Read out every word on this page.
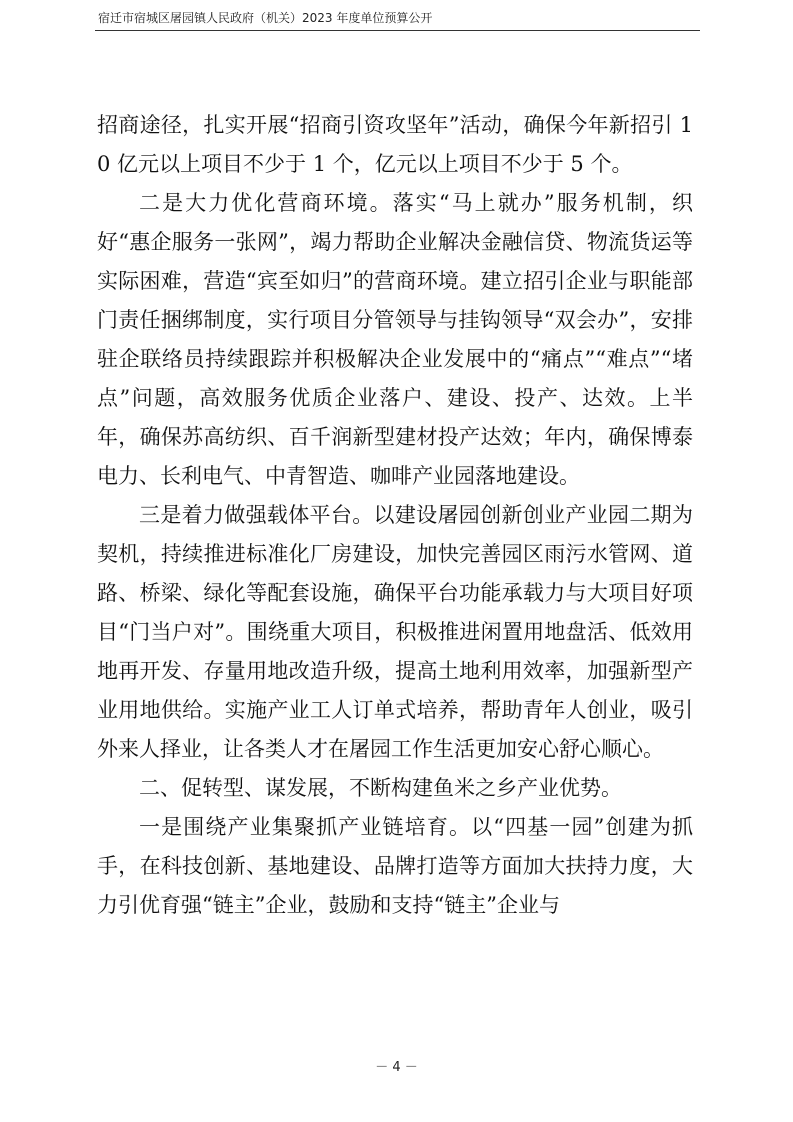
宿迁市宿城区屠园镇人民政府（机关）2023 年度单位预算公开

招商途径，扎实开展“招商引资攻坚年”活动，确保今年新招引 10 亿元以上项目不少于 1 个，亿元以上项目不少于 5 个。

二是大力优化营商环境。落实“马上就办”服务机制，织好“惠企服务一张网”，竭力帮助企业解决金融信贷、物流货运等实际困难，营造“宾至如归”的营商环境。建立招引企业与职能部门责任捆绑制度，实行项目分管领导与挂钩领导“双会办”，安排驻企联络员持续跟踪并积极解决企业发展中的“痛点”“难点”“堵点”问题，高效服务优质企业落户、建设、投产、达效。上半年，确保苏高纺织、百千润新型建材投产达效；年内，确保博泰电力、长利电气、中青智造、咖啡产业园落地建设。

三是着力做强载体平台。以建设屠园创新创业产业园二期为契机，持续推进标准化厂房建设，加快完善园区雨污水管网、道路、桥梁、绿化等配套设施，确保平台功能承载力与大项目好项目“门当户对”。围绕重大项目，积极推进闲置用地盘活、低效用地再开发、存量用地改造升级，提高土地利用效率，加强新型产业用地供给。实施产业工人订单式培养，帮助青年人创业，吸引外来人择业，让各类人才在屠园工作生活更加安心舒心顺心。

二、促转型、谋发展，不断构建鱼米之乡产业优势。

一是围绕产业集聚抓产业链培育。以“四基一园”创建为抓手，在科技创新、基地建设、品牌打造等方面加大扶持力度，大力引优育强“链主”企业，鼓励和支持“链主”企业与

－ 4 －
